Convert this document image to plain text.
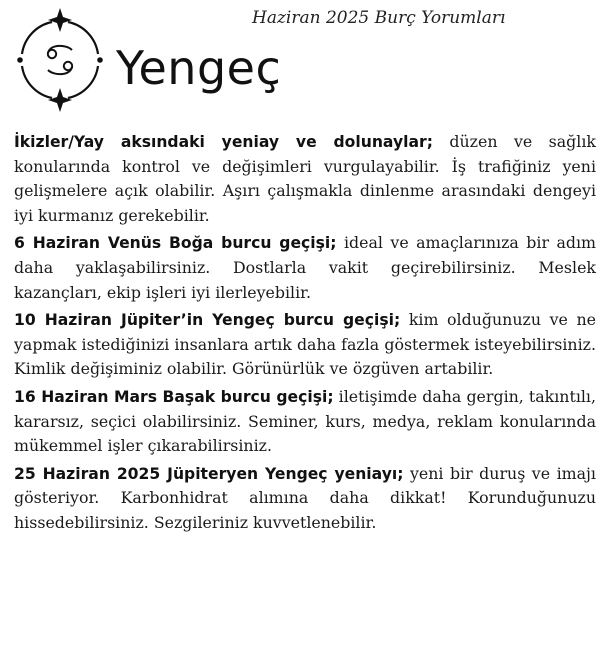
Haziran 2025 Burç Yorumları
Yengeç

İkizler/Yay aksındaki yeniay ve dolunaylar; düzen ve sağlık konularında kontrol ve değişimleri vurgulayabilir. İş trafiğiniz yeni gelişmelere açık olabilir. Aşırı çalışmakla dinlenme arasındaki dengeyi iyi kurmanız gerekebilir.

6 Haziran Venüs Boğa burcu geçişi; ideal ve amaçlarınıza bir adım daha yaklaşabilirsiniz. Dostlarla vakit geçirebilirsiniz. Meslek kazançları, ekip işleri iyi ilerleyebilir.

10 Haziran Jüpiter’in Yengeç burcu geçişi; kim olduğunuzu ve ne yapmak istediğinizi insanlara artık daha fazla göstermek isteyebilirsiniz. Kimlik değişiminiz olabilir. Görünürlük ve özgüven artabilir.

16 Haziran Mars Başak burcu geçişi; iletişimde daha gergin, takıntılı, kararsız, seçici olabilirsiniz. Seminer, kurs, medya, reklam konularında mükemmel işler çıkarabilirsiniz.

25 Haziran 2025 Jüpiteryen Yengeç yeniayı; yeni bir duruş ve imajı gösteriyor. Karbonhidrat alımına daha dikkat! Korunduğunuzu hissedebilirsiniz. Sezgileriniz kuvvetlenebilir.
